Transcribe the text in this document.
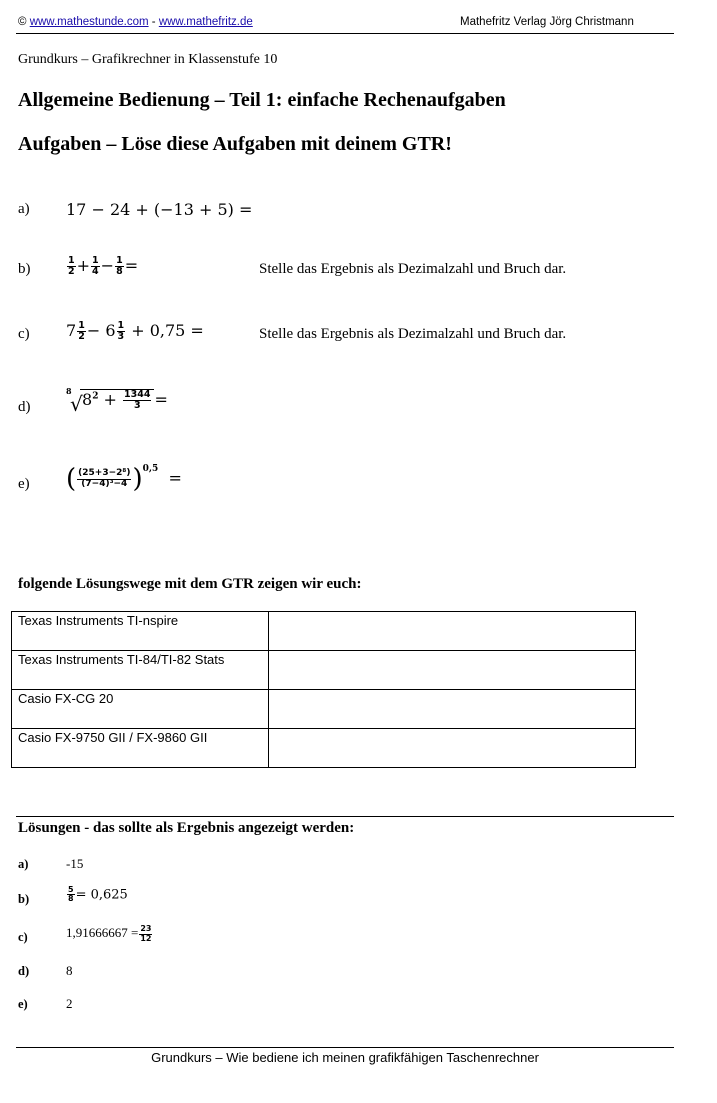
© www.mathestunde.com - www.mathefritz.de	Mathefritz Verlag Jörg Christmann
Grundkurs – Grafikrechner in Klassenstufe 10
Allgemeine Bedienung – Teil 1: einfache Rechenaufgaben
Aufgaben – Löse diese Aufgaben mit deinem GTR!
a) 17 − 24 + (−13 + 5) =
b)	$\frac{1}{2} + \frac{1}{4} - \frac{1}{8}$ =	Stelle das Ergebnis als Dezimalzahl und Bruch dar.
c) $7 \frac{1}{2} - 6 \frac{1}{3} + 0,75$ =	Stelle das Ergebnis als Dezimalzahl und Bruch dar.
d)
8
√ $8^2 + \frac{1344}{3}$ =
e) ( $\frac{\text{(25+3−2⁸)}}{\text{(7−4)³−4}} )^{0,5}$  =
folgende Lösungswege mit dem GTR zeigen wir euch:
Texas Instruments TI-nspire	
Texas Instruments TI-84/TI-82 Stats	
Casio FX-CG 20	
Casio FX-9750 GII / FX-9860 GII	
Lösungen - das sollte als Ergebnis angezeigt werden:
a)	-15
b)	$\frac{5}{8} = 0,625$
c)	$1,91666667 = \frac{23}{12}$
d)	8
e)	2
Grundkurs – Wie bediene ich meinen grafikfähigen Taschenrechner
